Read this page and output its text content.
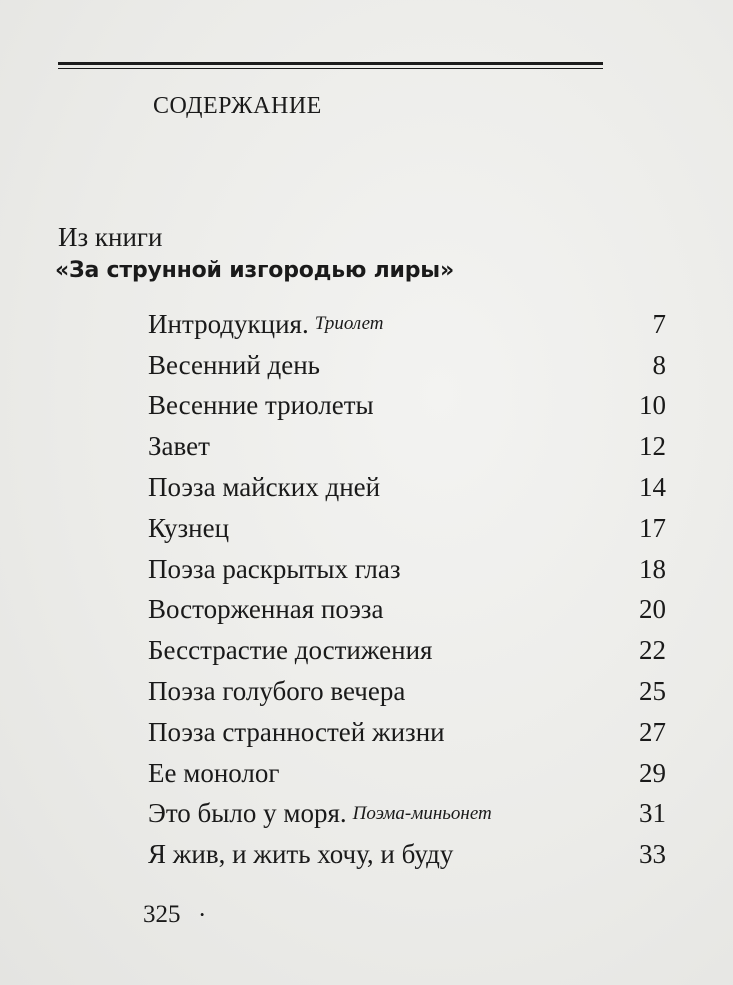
СОДЕРЖАНИЕ
Из книги
«За струнной изгородью лиры»
Интродукция. Триолет	7
Весенний день	8
Весенние триолеты	10
Завет	12
Поэза майских дней	14
Кузнец	17
Поэза раскрытых глаз	18
Восторженная поэза	20
Бесстрастие достижения	22
Поэза голубого вечера	25
Поэза странностей жизни	27
Ее монолог	29
Это было у моря. Поэма-миньонет	31
Я жив, и жить хочу, и буду	33
325 ·
